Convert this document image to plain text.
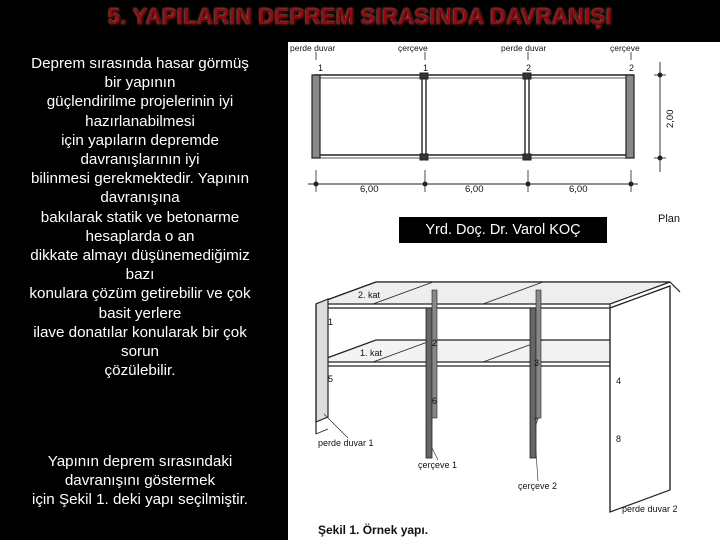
5. YAPILARIN DEPREM SIRASINDA DAVRANIŞI
Deprem sırasında hasar görmüş
bir yapının
güçlendirilme projelerinin iyi
hazırlanabilmesi
için yapıların depremde
davranışlarının iyi
bilinmesi gerekmektedir. Yapının
davranışına
bakılarak statik ve betonarme
hesaplarda o an
dikkate almayı düşünemediğimiz
bazı
konulara çözüm getirebilir ve çok
basit yerlere
ilave donatılar konularak bir çok
sorun
çözülebilir.
Yapının deprem sırasındaki
davranışını göstermek
için Şekil 1. deki yapı seçilmiştir.
perde duvar	çerçeve	perde duvar	çerçeve
1	1	2	2
6,00	6,00	6,00
2,00
Plan
2. kat
1. kat
1
2
3
4
5
6
7
8
perde duvar 1
çerçeve 1
çerçeve 2
perde duvar 2
Şekil 1. Örnek yapı.
Yrd. Doç. Dr. Varol KOÇ
